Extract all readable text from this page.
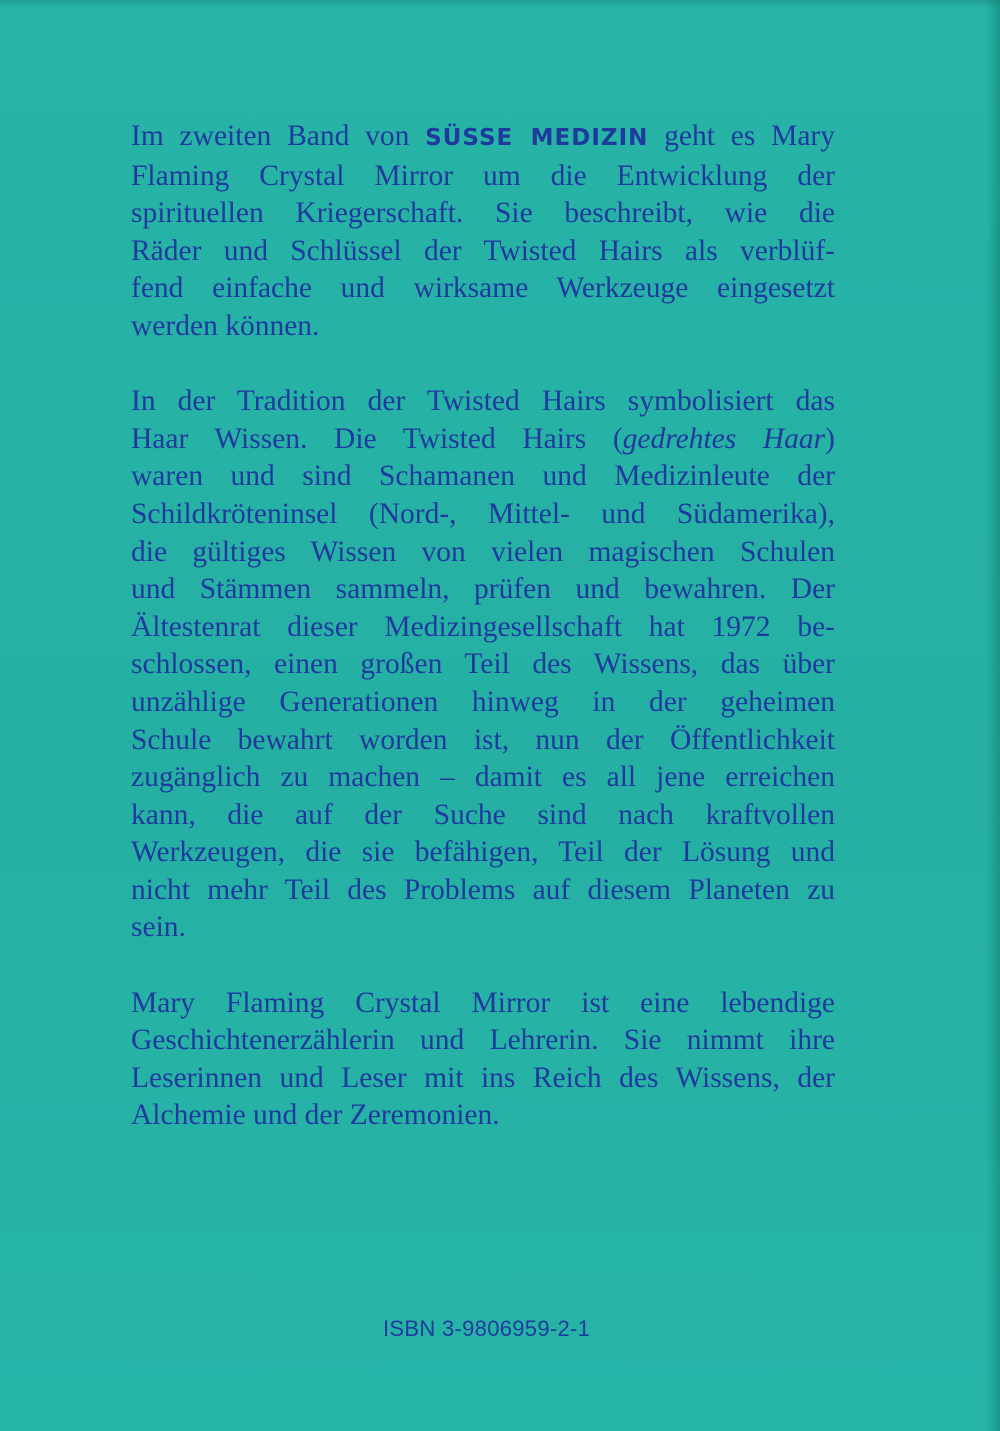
Im zweiten Band von SÜSSE MEDIZIN geht es Mary
Flaming Crystal Mirror um die Entwicklung der
spirituellen Kriegerschaft. Sie beschreibt, wie die
Räder und Schlüssel der Twisted Hairs als verblüf-
fend einfache und wirksame Werkzeuge eingesetzt
werden können.
In der Tradition der Twisted Hairs symbolisiert das
Haar Wissen. Die Twisted Hairs (gedrehtes Haar)
waren und sind Schamanen und Medizinleute der
Schildkröteninsel (Nord-, Mittel- und Südamerika),
die gültiges Wissen von vielen magischen Schulen
und Stämmen sammeln, prüfen und bewahren. Der
Ältestenrat dieser Medizingesellschaft hat 1972 be-
schlossen, einen großen Teil des Wissens, das über
unzählige Generationen hinweg in der geheimen
Schule bewahrt worden ist, nun der Öffentlichkeit
zugänglich zu machen – damit es all jene erreichen
kann, die auf der Suche sind nach kraftvollen
Werkzeugen, die sie befähigen, Teil der Lösung und
nicht mehr Teil des Problems auf diesem Planeten zu
sein.
Mary Flaming Crystal Mirror ist eine lebendige
Geschichtenerzählerin und Lehrerin. Sie nimmt ihre
Leserinnen und Leser mit ins Reich des Wissens, der
Alchemie und der Zeremonien.
ISBN 3-9806959-2-1
